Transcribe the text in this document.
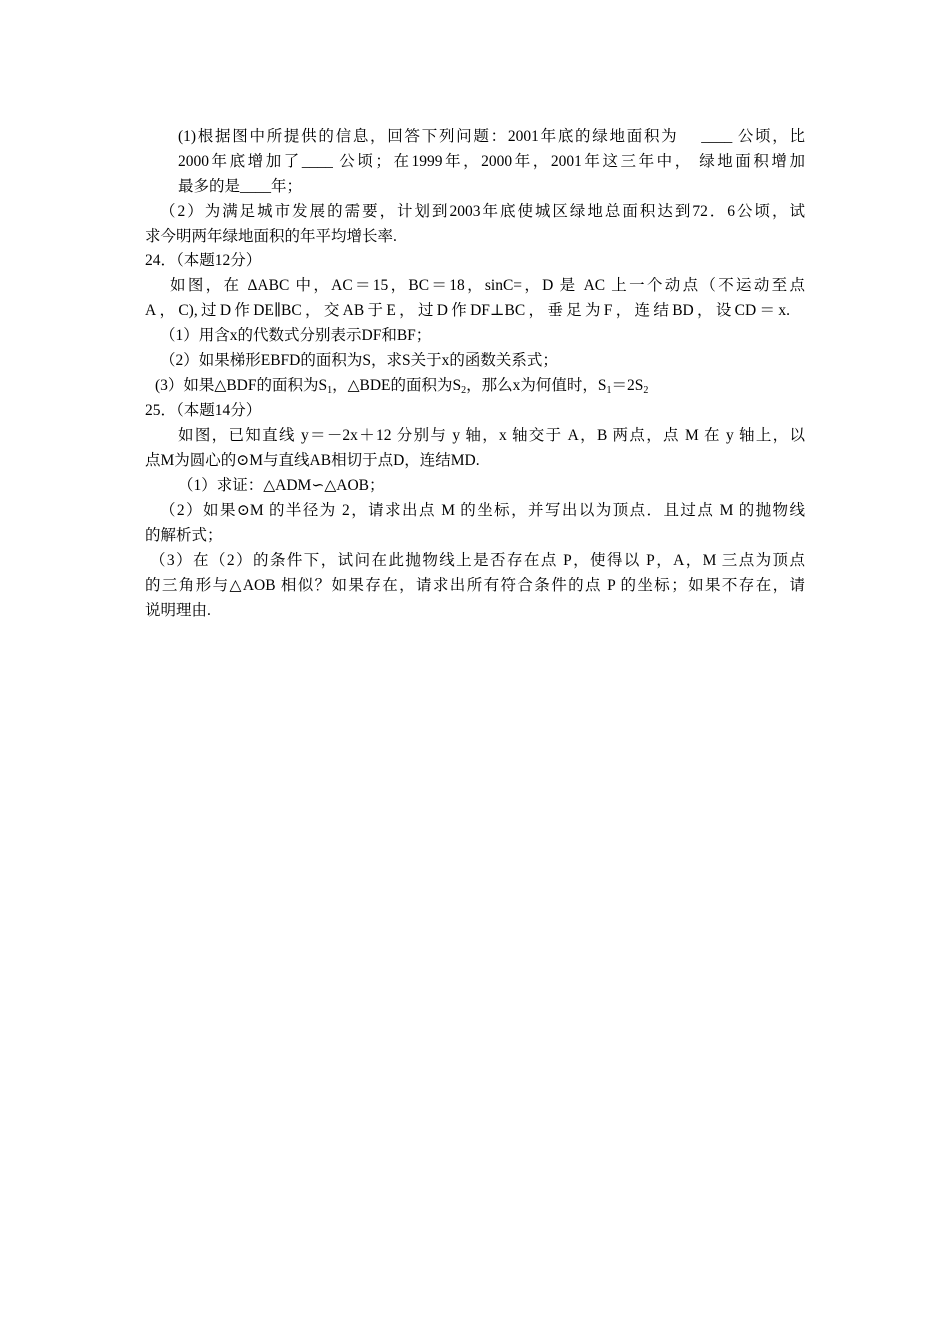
(1)根据图中所提供的信息，回答下列问题：2001年底的绿地面积为　 ____ 公顷，比
2000年底增加了____ 公顷；在1999年，2000年，2001年这三年中， 绿地面积增加
最多的是____年；
（2）为满足城市发展的需要，计划到2003年底使城区绿地总面积达到72．6公顷，试
求今明两年绿地面积的年平均增长率.
24．（本题12分）
如图，在 ΔABC 中，AC＝15，BC＝18，sinC=，D 是 AC 上一个动点（不运动至点
A，C),过D作DE∥BC，交AB于E，过D作DF⊥BC，垂足为F，连结BD，设CD＝x.
（1）用含x的代数式分别表示DF和BF；
（2）如果梯形EBFD的面积为S，求S关于x的函数关系式；
(3）如果△BDF的面积为$S_1$，△BDE的面积为$S_2$，那么x为何值时，$S_1=2S_2$
25．（本题14分）
如图，已知直线 y＝－2x＋12 分别与 y 轴，x 轴交于 A，B 两点，点 M 在 y 轴上，以
点M为圆心的⊙M与直线AB相切于点D，连结MD.
（1）求证：△ADM∽△AOB；
（2）如果⊙M 的半径为 2，请求出点 M 的坐标，并写出以为顶点．且过点 M 的抛物线
的解析式；
（3）在（2）的条件下，试问在此抛物线上是否存在点 P，使得以 P，A，M 三点为顶点
的三角形与△AOB 相似？如果存在，请求出所有符合条件的点 P 的坐标；如果不存在，请
说明理由.
